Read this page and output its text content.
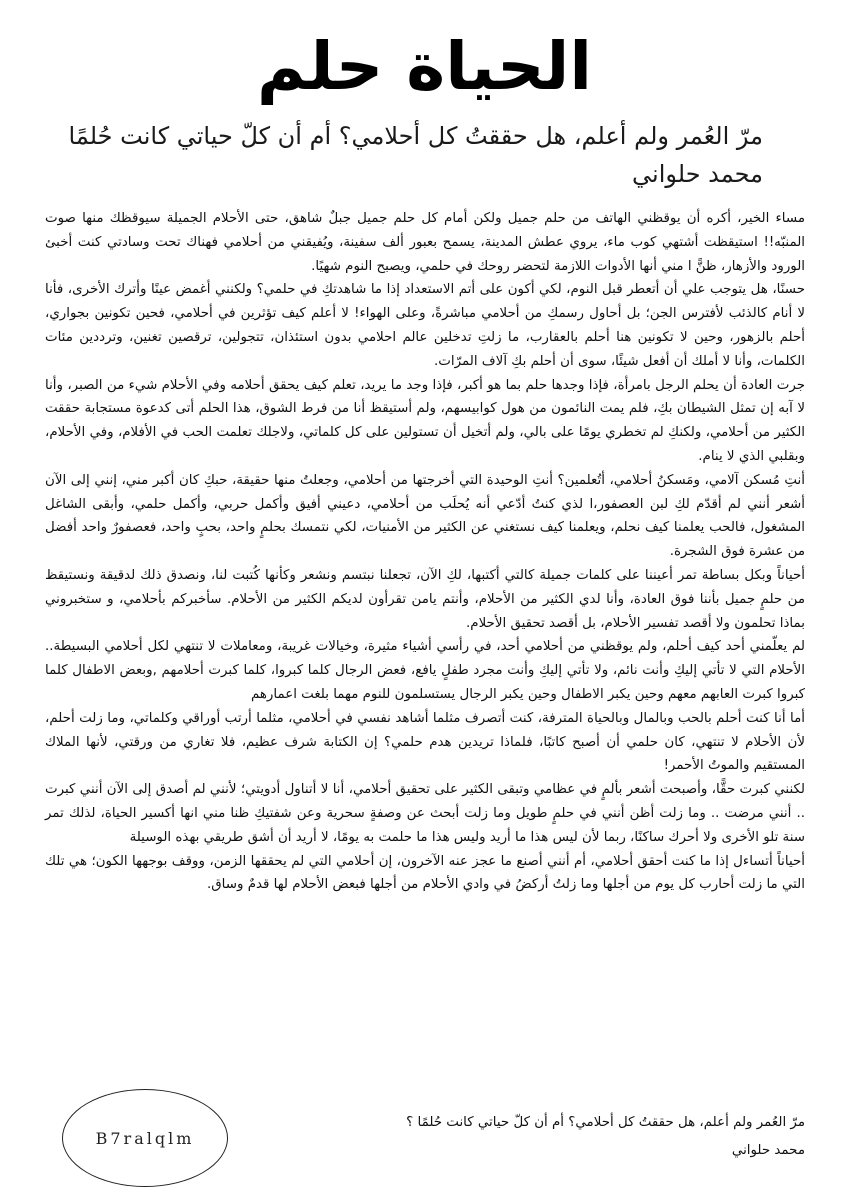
الحياة حلم

مرّ العُمر ولم أعلم، هل حققتُ كل أحلامي؟ أم أن كلّ حياتي كانت حُلمًا

محمد حلواني

مساء الخير، أكره أن يوقظني الهاتف من حلم جميل ولكن أمام كل حلم جميل جبلٌ شاهق، حتى الأحلام الجميلة سيوقظك منها صوت المنبّه!! استيقظت أشتهي كوب ماء، يروي عطش المدينة، يسمح بعبور ألف سفينة، ويُفيقني من أحلامي فهناك تحت وسادتي كنت أخبئ الورود والأزهار، ظنًّ ا مني أنها الأدوات اللازمة لتحضر روحك في حلمي، ويصبح النوم شهيًا.

حسنًا، هل يتوجب علي أن أتعطر قبل النوم، لكي أكون على أتم الاستعداد إذا ما شاهدتكِ في حلمي؟ ولكنني أغمض عينًا وأترك الأخرى، فأنا لا أنام كالذئب لأفترس الجن؛ بل أحاول رسمكِ من أحلامي مباشرةً، وعلى الهواء! لا أعلم كيف تؤثرين في أحلامي، فحين تكونين بجواري، أحلم بالزهور، وحين لا تكونين هنا أحلم بالعقارب، ما زلتِ تدخلين عالم احلامي بدون استئذان، تتجولين، ترقصين تغنين، وترددين مئات الكلمات، وأنا لا أملك أن أفعل شيئًا، سوى أن أحلم بكِ آلاف المرّات.

جرت العادة أن يحلم الرجل بامرأة، فإذا وجدها حلم بما هو أكبر، فإذا وجد ما يريد، تعلم كيف يحقق أحلامه وفي الأحلام شيء من الصبر، وأنا لا آبه إن تمثل الشيطان بكِ، فلم يمت النائمون من هول كوابيسهم، ولم أستيقظ أنا من فرط الشوق، هذا الحلم أتى كدعوة مستجابة حققت الكثير من أحلامي، ولكنكِ لم تخطري يومًا على بالي، ولم أتخيل أن تستولين على كل كلماتي، ولاجلك تعلمت الحب في الأفلام، وفي الأحلام، وبقلبي الذي لا ينام.

أنتِ مُسكن آلامي، ومَسكنُ أحلامي، أتُعلمين؟ أنتِ الوحيدة التي أخرجتها من أحلامي، وجعلتُ منها حقيقة، حبكِ كان أكبر مني، إنني إلى الآن أشعر أنني لم أقدّم لكِ لبن العصفور،ا لذي كنتُ أدّعي أنه يُحلَب من أحلامي، دعيني أفيق وأكمل حربي، وأكمل حلمي، وأبقى الشاغل المشغول، فالحب يعلمنا كيف نحلم، ويعلمنا كيف نستغني عن الكثير من الأمنيات، لكي نتمسك بحلمٍ واحد، بحبٍ واحد، فعصفورٌ واحد أفضل من عشرة فوق الشجرة.

أحياناً وبكل بساطة تمر أعيننا على كلمات جميلة كالتي أكتبها، لكِ الآن، تجعلنا نبتسم ونشعر وكأنها كُتبت لنا، ونصدق ذلك لدقيقة ونستيقظ من حلمٍ جميل بأننا فوق العادة، وأنا لدي الكثير من الأحلام، وأنتم يامن تقرأون لديكم الكثير من الأحلام. سأخبركم بأحلامي، و ستخبروني بماذا تحلمون ولا أقصد تفسير الأحلام، بل أقصد تحقيق الأحلام.

لم يعلّمني أحد كيف أحلم، ولم يوقظني من أحلامي أحد، في رأسي أشياء مثيرة، وخيالات غريبة، ومعاملات لا تنتهي لكل أحلامي البسيطة.. الأحلام التي لا تأتي إليكِ وأنت نائم، ولا تأتي إليكِ وأنت مجرد طفلٍ يافع، فعض الرجال كلما كبروا، كلما كبرت أحلامهم ,وبعض الاطفال كلما كبروا كبرت العابهم معهم وحين يكبر الاطفال وحين يكبر الرجال يستسلمون للنوم مهما بلغت اعمارهم

أما أنا كنت أحلم بالحب وبالمال وبالحياة المترفة، كنت أتصرف مثلما أشاهد نفسي في أحلامي، مثلما أرتب أوراقي وكلماتي، وما زلت أحلم، لأن الأحلام لا تنتهي، كان حلمي أن أصبح كاتبًا، فلماذا تريدين هدم حلمي؟ إن الكتابة شرف عظيم، فلا تغاري من ورقتي، لأنها الملاك المستقيم والموتُ الأحمر!

لكنني كبرت حقًّا، وأصبحت أشعر بألمٍ في عظامي وتبقى الكثير على تحقيق أحلامي، أنا لا أتناول أدويتي؛ لأنني لم أصدق إلى الآن أنني كبرت .. أنني مرضت .. وما زلت أظن أنني في حلمٍ طويل وما زلت أبحث عن وصفةٍ سحرية وعن شفتيكِ ظنا مني انها أكسير الحياة، لذلك تمر سنة تلو الأخرى ولا أحرك ساكنًا، ربما لأن ليس هذا ما أريد وليس هذا ما حلمت به يومًا، لا أريد أن أشق طريقي بهذه الوسيلة

أحياناً أتساءل إذا ما كنت أحقق أحلامي، أم أنني أصنع ما عجز عنه الآخرون، إن أحلامي التي لم يحققها الزمن، ووقف بوجهها الكون؛ هي تلك التي ما زلت أحارب كل يوم من أجلها وما زلتُ أركضُ في وادي الأحلام من أجلها فبعض الأحلام لها قدمٌ وساق.

مرّ العُمر ولم أعلم، هل حققتُ كل أحلامي؟ أم أن كلّ حياتي كانت حُلمًا ؟

محمد حلواني

B7ralqlm
